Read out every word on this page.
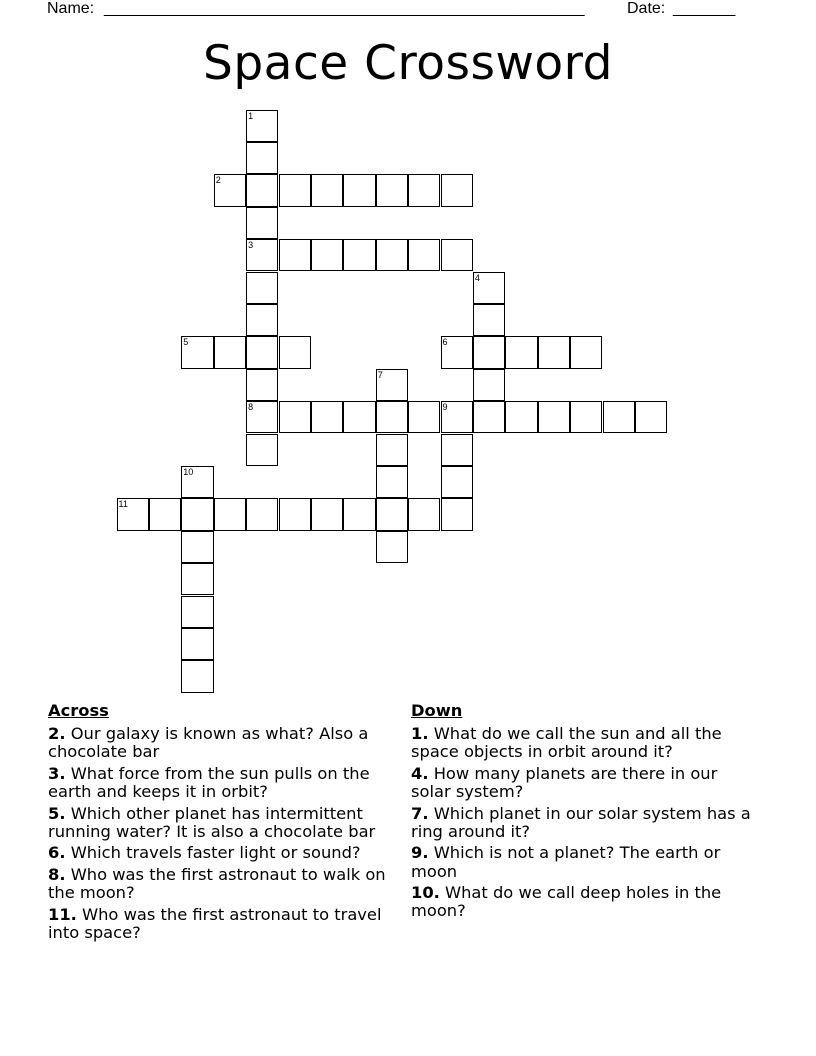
Name: ______________________________________________________	Date: _______
Space Crossword
1
3
8
2
4
5	6
7
9
10
11
Across
2. Our galaxy is known as what? Also a chocolate bar
3. What force from the sun pulls on the earth and keeps it in orbit?
5. Which other planet has intermittent running water? It is also a chocolate bar
6. Which travels faster light or sound?
8. Who was the first astronaut to walk on the moon?
11. Who was the first astronaut to travel into space?
Down
1. What do we call the sun and all the space objects in orbit around it?
4. How many planets are there in our solar system?
7. Which planet in our solar system has a ring around it?
9. Which is not a planet? The earth or moon
10. What do we call deep holes in the moon?
